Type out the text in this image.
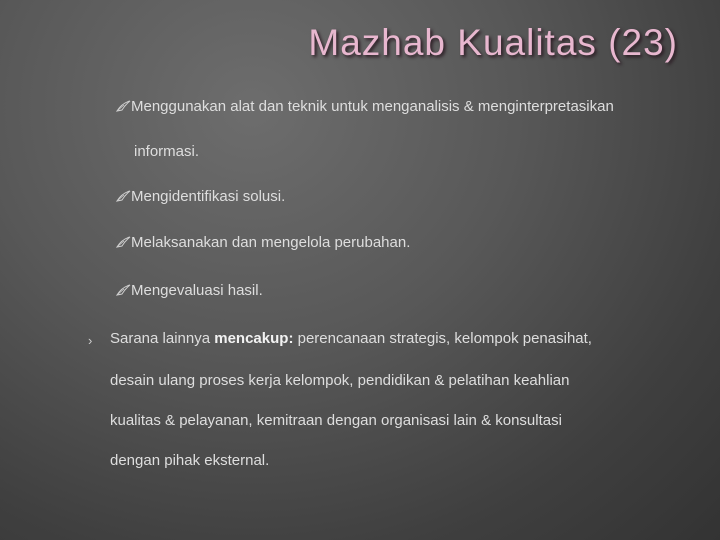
Mazhab Kualitas (23)
Menggunakan alat dan teknik untuk menganalisis & menginterpretasikan
informasi.
Mengidentifikasi solusi.
Melaksanakan dan mengelola perubahan.
Mengevaluasi hasil.
› Sarana lainnya mencakup: perencanaan strategis, kelompok penasihat,
desain ulang proses kerja kelompok, pendidikan & pelatihan keahlian
kualitas & pelayanan, kemitraan dengan organisasi lain & konsultasi
dengan pihak eksternal.
